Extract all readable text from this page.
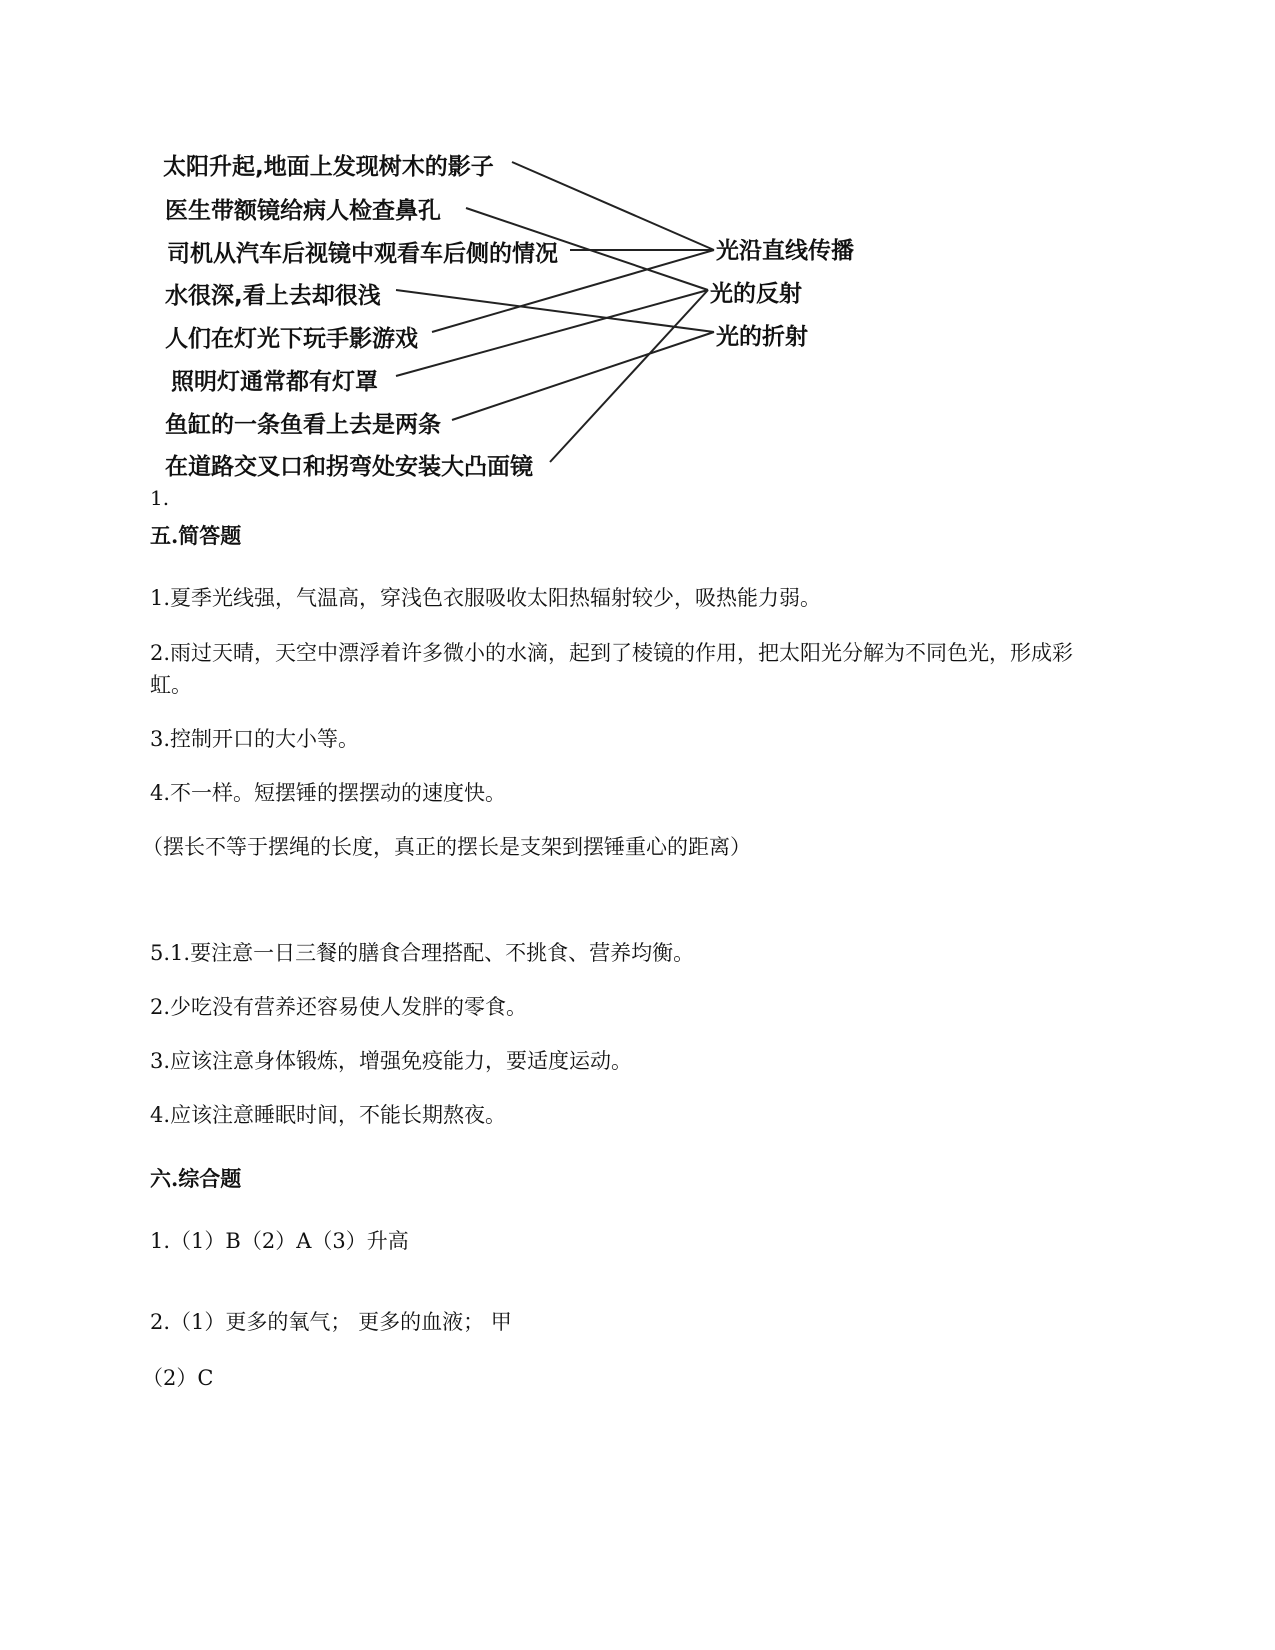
太阳升起,地面上发现树木的影子
医生带额镜给病人检查鼻孔
司机从汽车后视镜中观看车后侧的情况
水很深,看上去却很浅
人们在灯光下玩手影游戏
照明灯通常都有灯罩
鱼缸的一条鱼看上去是两条
在道路交叉口和拐弯处安装大凸面镜
光沿直线传播
光的反射
光的折射
1.
五.简答题
1.夏季光线强，气温高，穿浅色衣服吸收太阳热辐射较少，吸热能力弱。
2.雨过天晴，天空中漂浮着许多微小的水滴，起到了棱镜的作用，把太阳光分解为不同色光，形成彩虹。
3.控制开口的大小等。
4.不一样。短摆锤的摆摆动的速度快。
（摆长不等于摆绳的长度，真正的摆长是支架到摆锤重心的距离）
5.1.要注意一日三餐的膳食合理搭配、不挑食、营养均衡。
2.少吃没有营养还容易使人发胖的零食。
3.应该注意身体锻炼，增强免疫能力，要适度运动。
4.应该注意睡眠时间，不能长期熬夜。
六.综合题
1.（1）B（2）A（3）升高
2.（1）更多的氧气； 更多的血液； 甲
（2）C
